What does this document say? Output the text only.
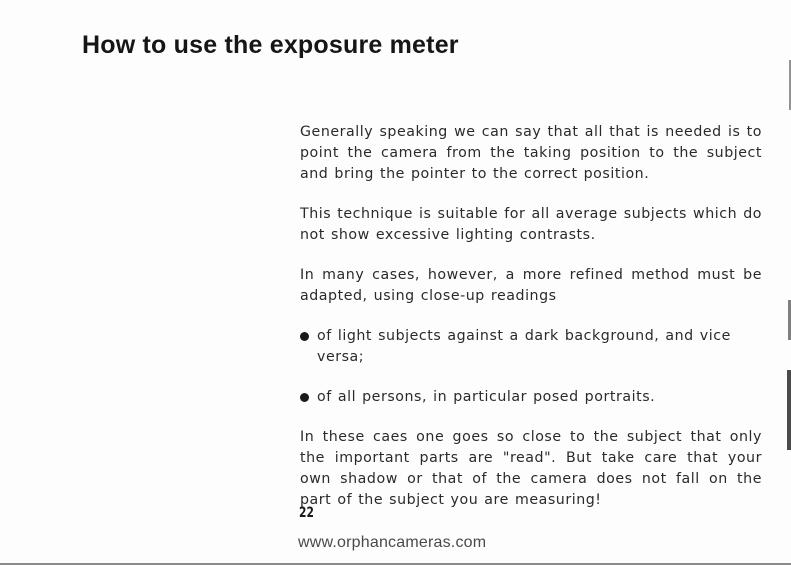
How to use the exposure meter

Generally speaking we can say that all that is needed is to point the camera from the taking position to the subject and bring the pointer to the correct position.

This technique is suitable for all average subjects which do not show excessive lighting contrasts.

In many cases, however, a more refined method must be adapted, using close-up readings

of light subjects against a dark background, and vice versa;
of all persons, in particular posed portraits.

In these caes one goes so close to the subject that only the important parts are "read". But take care that your own shadow or that of the camera does not fall on the part of the subject you are measuring!

22
www.orphancameras.com
